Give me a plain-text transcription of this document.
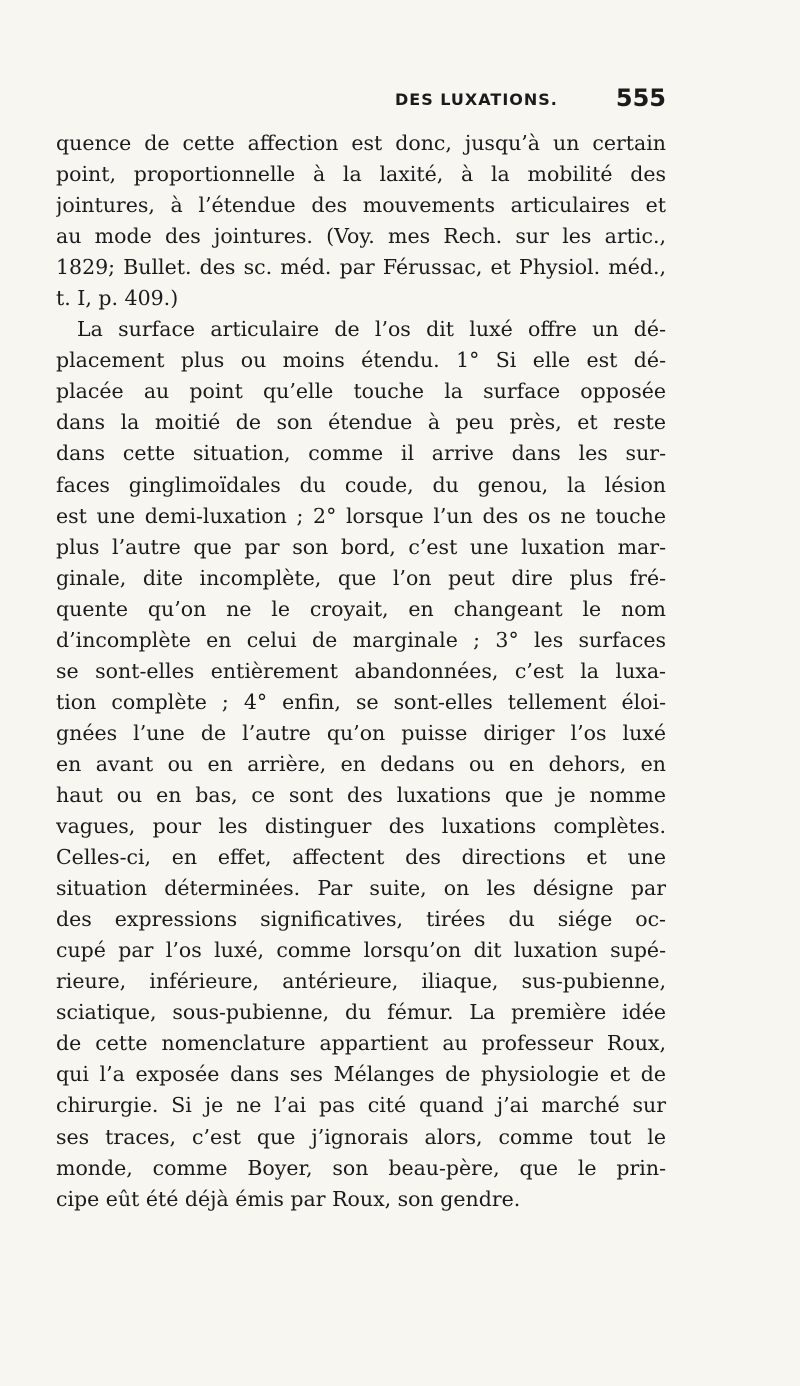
DES LUXATIONS. 555
quence de cette affection est donc, jusqu’à un certain
point, proportionnelle à la laxité, à la mobilité des
jointures, à l’étendue des mouvements articulaires et
au mode des jointures. (Voy. mes Rech. sur les artic.,
1829; Bullet. des sc. méd. par Férussac, et Physiol. méd.,
t. I, p. 409.)
La surface articulaire de l’os dit luxé offre un dé-
placement plus ou moins étendu. 1° Si elle est dé-
placée au point qu’elle touche la surface opposée
dans la moitié de son étendue à peu près, et reste
dans cette situation, comme il arrive dans les sur-
faces ginglimoïdales du coude, du genou, la lésion
est une demi-luxation ; 2° lorsque l’un des os ne touche
plus l’autre que par son bord, c’est une luxation mar-
ginale, dite incomplète, que l’on peut dire plus fré-
quente qu’on ne le croyait, en changeant le nom
d’incomplète en celui de marginale ; 3° les surfaces
se sont-elles entièrement abandonnées, c’est la luxa-
tion complète ; 4° enfin, se sont-elles tellement éloi-
gnées l’une de l’autre qu’on puisse diriger l’os luxé
en avant ou en arrière, en dedans ou en dehors, en
haut ou en bas, ce sont des luxations que je nomme
vagues, pour les distinguer des luxations complètes.
Celles-ci, en effet, affectent des directions et une
situation déterminées. Par suite, on les désigne par
des expressions significatives, tirées du siége oc-
cupé par l’os luxé, comme lorsqu’on dit luxation supé-
rieure, inférieure, antérieure, iliaque, sus-pubienne,
sciatique, sous-pubienne, du fémur. La première idée
de cette nomenclature appartient au professeur Roux,
qui l’a exposée dans ses Mélanges de physiologie et de
chirurgie. Si je ne l’ai pas cité quand j’ai marché sur
ses traces, c’est que j’ignorais alors, comme tout le
monde, comme Boyer, son beau-père, que le prin-
cipe eût été déjà émis par Roux, son gendre.
